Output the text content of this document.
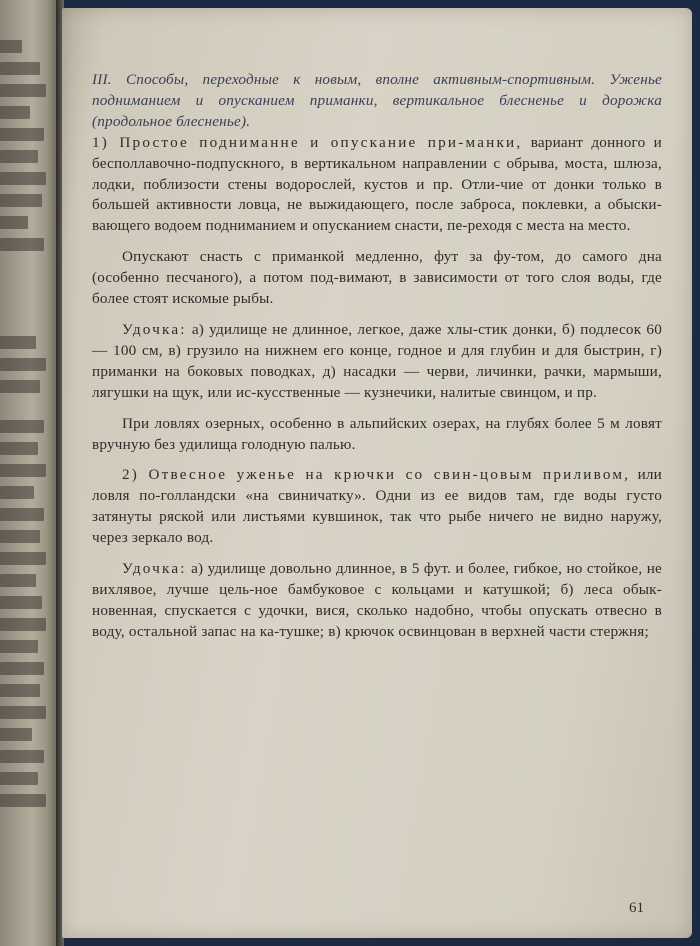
III. Способы, переходные к новым, вполне активным-спортивным. Уженье подниманием и опусканием приманки, вертикальное блесненье и дорожка (продольное блесненье).

1) Простое подниманне и опускание при-манки, вариант донного и бесполлавочно-подпускного, в вертикальном направлении с обрыва, моста, шлюза, лодки, поблизости стены водорослей, кустов и пр. Отли-чие от донки только в большей активности ловца, не выжидающего, после заброса, поклевки, а обыски-вающего водоем подниманием и опусканием снасти, пе-реходя с места на место.

Опускают снасть с приманкой медленно, фут за фу-том, до самого дна (особенно песчаного), а потом под-вимают, в зависимости от того слоя воды, где более стоят искомые рыбы.

Удочка: а) удилище не длинное, легкое, даже хлы-стик донки, б) подлесок 60 — 100 см, в) грузило на нижнем его конце, годное и для глубин и для быстрин, г) приманки на боковых поводках, д) насадки — черви, личинки, рачки, мармыши, лягушки на щук, или ис-кусственные — кузнечики, налитые свинцом, и пр.

При ловлях озерных, особенно в альпийских озерах, на глубях более 5 м ловят вручную без удилища голодную палью.

2) Отвесное уженье на крючки со свин-цовым приливом, или ловля по-голландски «на свиничатку». Одни из ее видов там, где воды густо затянуты ряской или листьями кувшинок, так что рыбе ничего не видно наружу, через зеркало вод.

Удочка: а) удилище довольно длинное, в 5 фут. и более, гибкое, но стойкое, не вихлявое, лучше цель-ное бамбуковое с кольцами и катушкой; б) леса обык-новенная, спускается с удочки, вися, сколько надобно, чтобы опускать отвесно в воду, остальной запас на ка-тушке; в) крючок освинцован в верхней части стержня;

61
